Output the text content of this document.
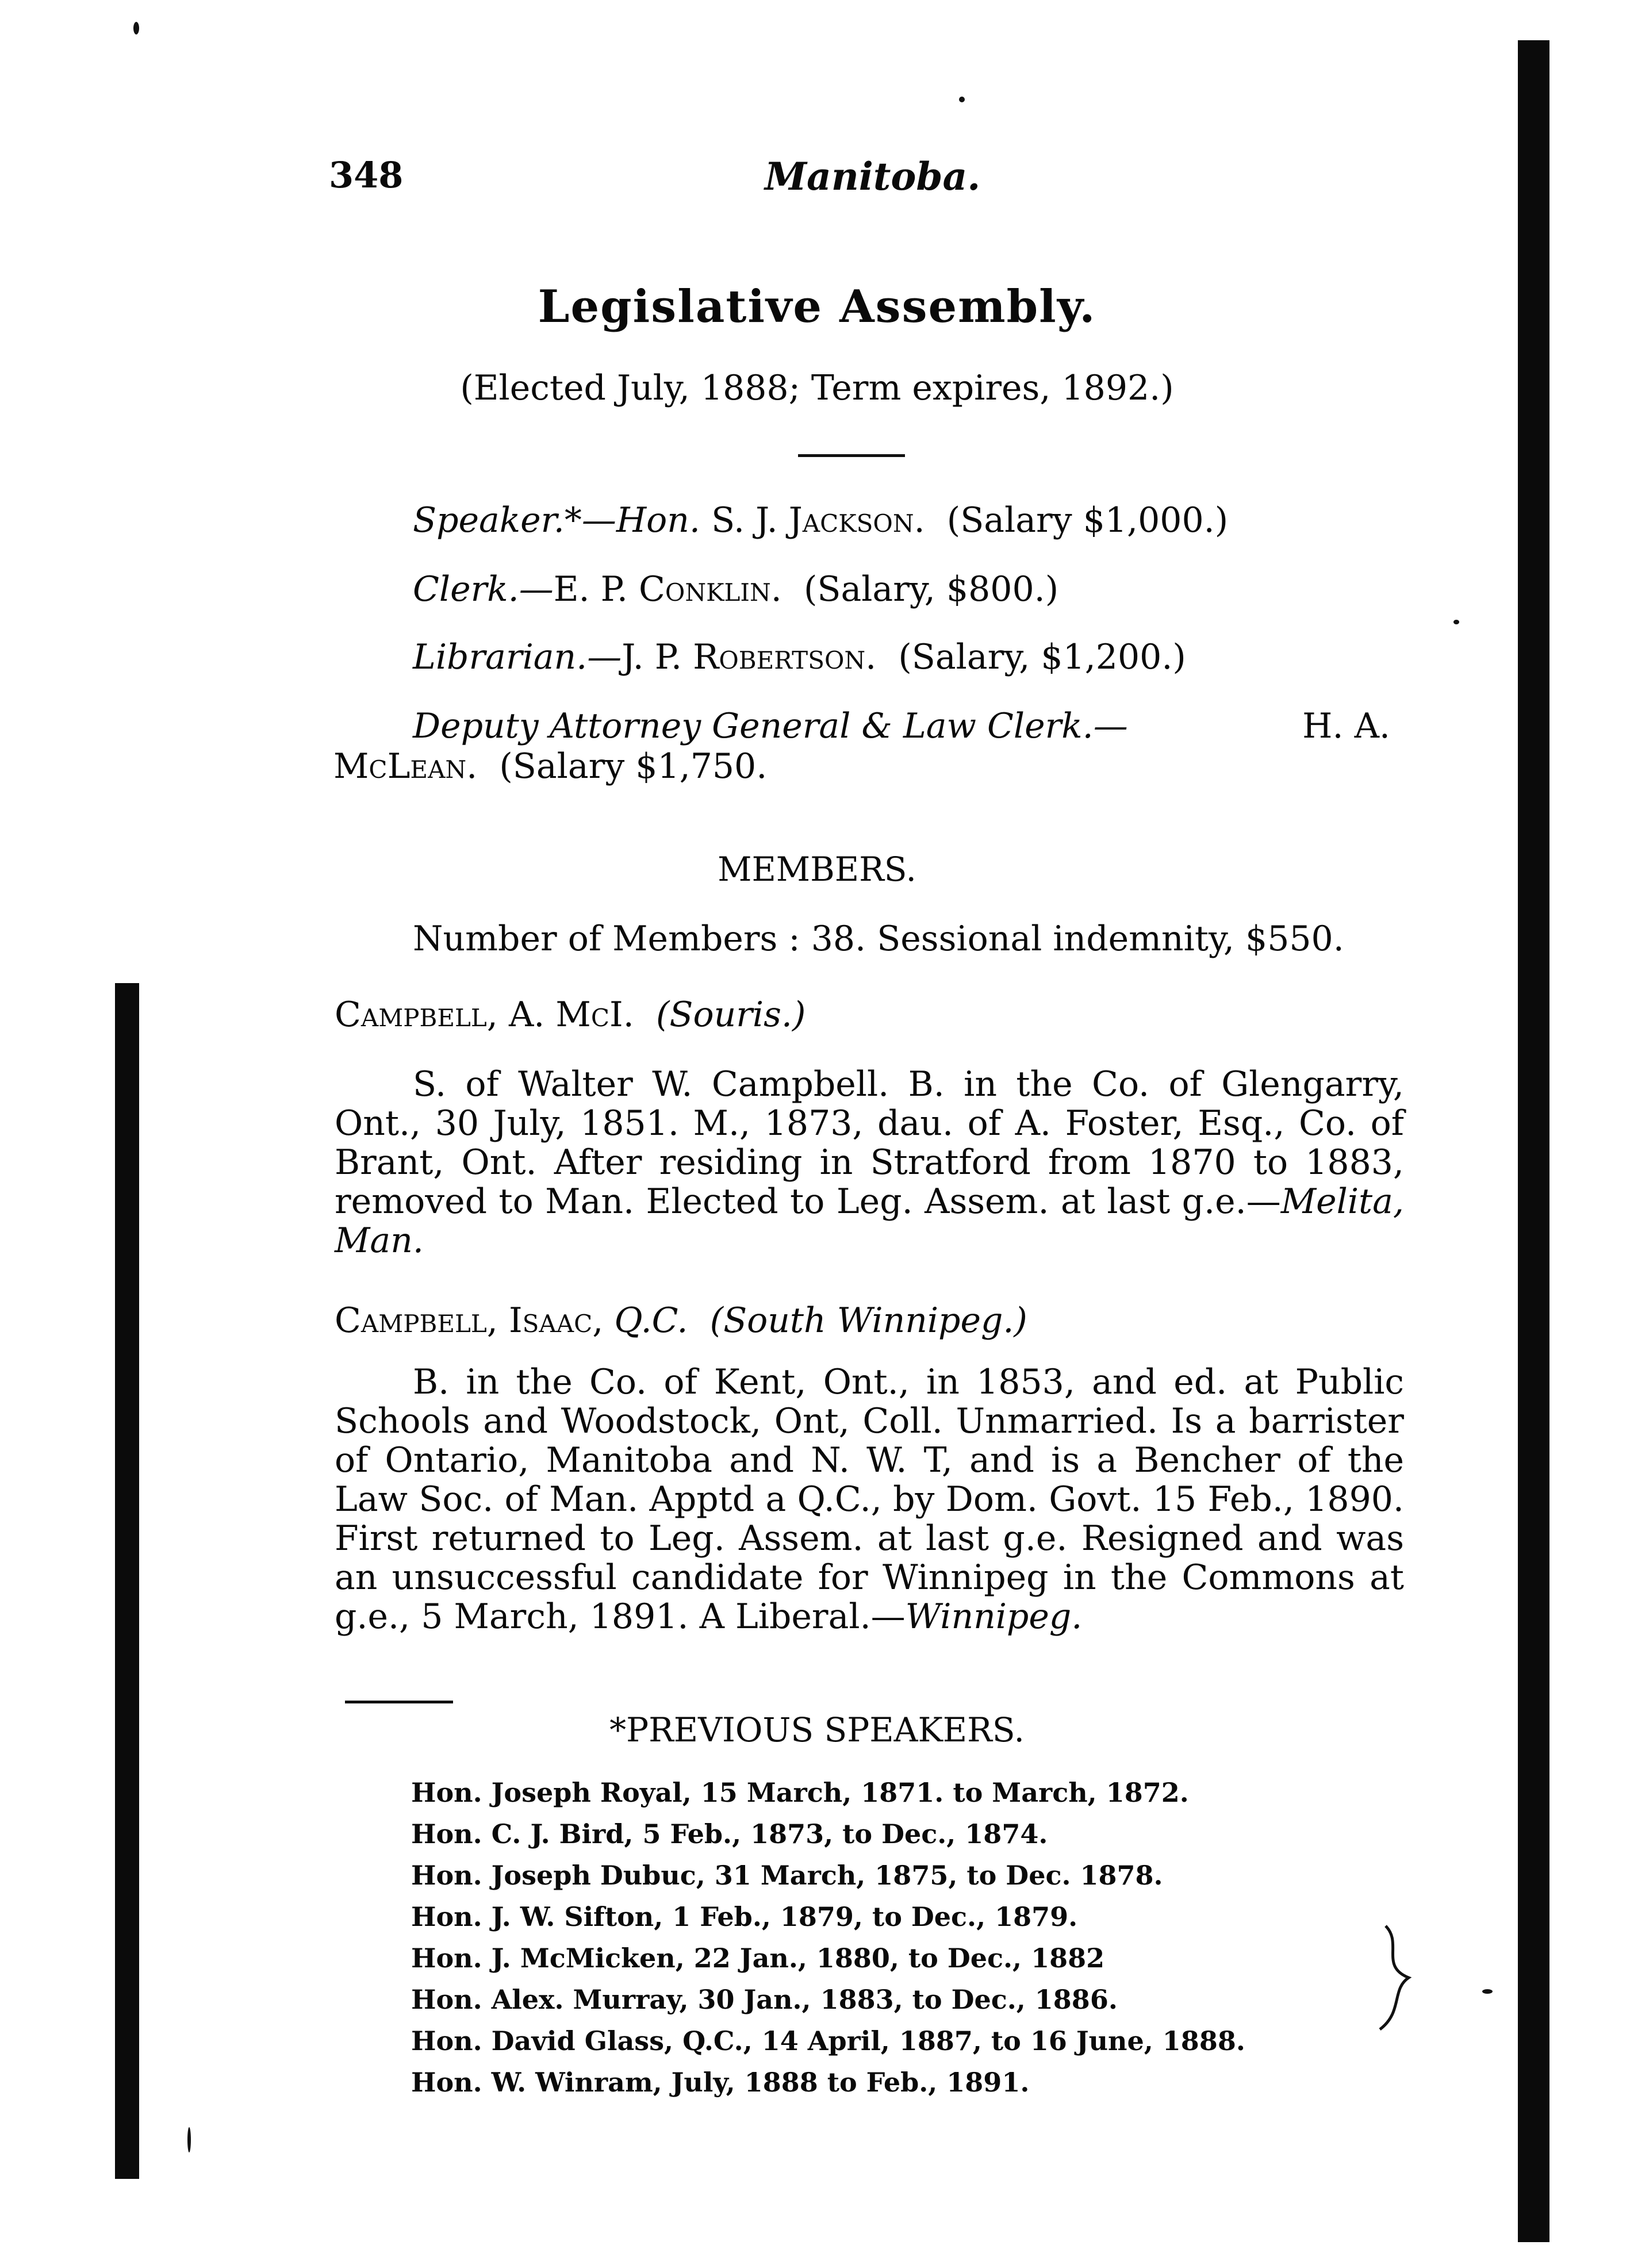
348	Manitoba.
Legislative Assembly.
(Elected July, 1888; Term expires, 1892.)
Speaker.*—Hon. S. J. Jackson. (Salary $1,000.)
Clerk.—E. P. Conklin. (Salary, $800.)
Librarian.—J. P. Robertson. (Salary, $1,200.)
Deputy Attorney General & Law Clerk.—	H. A.
McLean. (Salary $1,750.
MEMBERS.
Number of Members : 38. Sessional indemnity, $550.
Campbell, A. McI. (Souris.)
S. of Walter W. Campbell. B. in the Co. of Glengarry, Ont., 30 July, 1851. M., 1873, dau. of A. Foster, Esq., Co. of Brant, Ont. After residing in Stratford from 1870 to 1883, removed to Man. Elected to Leg. Assem. at last g.e.—Melita, Man.
Campbell, Isaac, Q.C. (South Winnipeg.)
B. in the Co. of Kent, Ont., in 1853, and ed. at Public Schools and Woodstock, Ont, Coll. Unmarried. Is a barrister of Ontario, Manitoba and N. W. T, and is a Bencher of the Law Soc. of Man. Apptd a Q.C., by Dom. Govt. 15 Feb., 1890. First returned to Leg. Assem. at last g.e. Resigned and was an unsuccessful candidate for Winnipeg in the Commons at g.e., 5 March, 1891. A Liberal.—Winnipeg.
*PREVIOUS SPEAKERS.
Hon. Joseph Royal, 15 March, 1871. to March, 1872.
Hon. C. J. Bird, 5 Feb., 1873, to Dec., 1874.
Hon. Joseph Dubuc, 31 March, 1875, to Dec. 1878.
Hon. J. W. Sifton, 1 Feb., 1879, to Dec., 1879.
Hon. J. McMicken, 22 Jan., 1880, to Dec., 1882
Hon. Alex. Murray, 30 Jan., 1883, to Dec., 1886.
Hon. David Glass, Q.C., 14 April, 1887, to 16 June, 1888.
Hon. W. Winram, July, 1888 to Feb., 1891.
